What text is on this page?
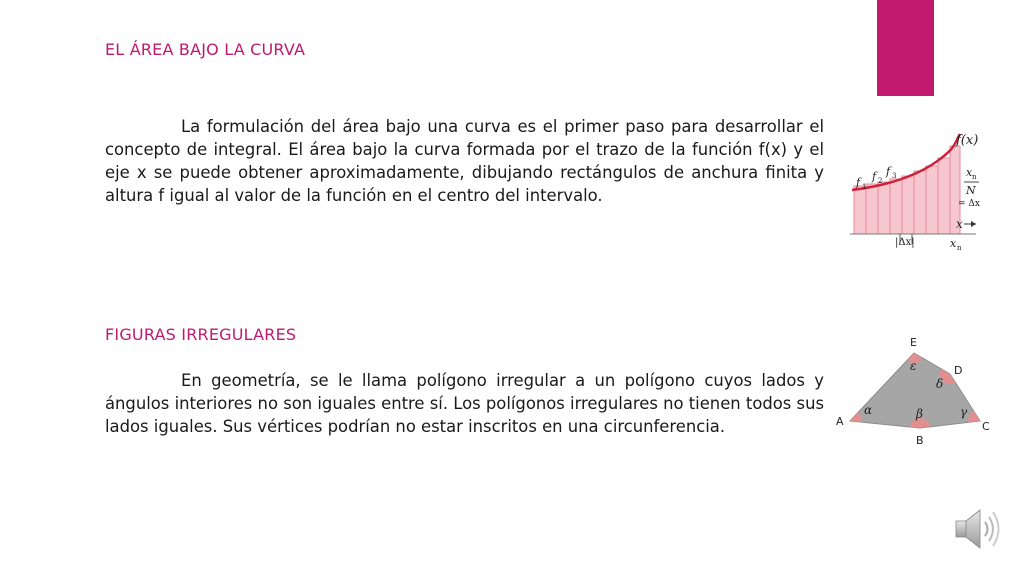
EL ÁREA BAJO LA CURVA

La formulación del área bajo una curva es el primer paso para desarrollar el concepto de integral. El área bajo la curva formada por el trazo de la función f(x) y el eje x se puede obtener aproximadamente, dibujando rectángulos de anchura finita y altura f igual al valor de la función en el centro del intervalo.

f(x)
f 1
f 2
f 3
x
|Δx|	x n
x n
N
= Δx
FIGURAS IRREGULARES

En geometría, se le llama polígono irregular a un polígono cuyos lados y ángulos interiores no son iguales entre sí. Los polígonos irregulares no tienen todos sus lados iguales. Sus vértices podrían no estar inscritos en una circunferencia.	A
B
C
D
E
α	β	γ
δ
ε
